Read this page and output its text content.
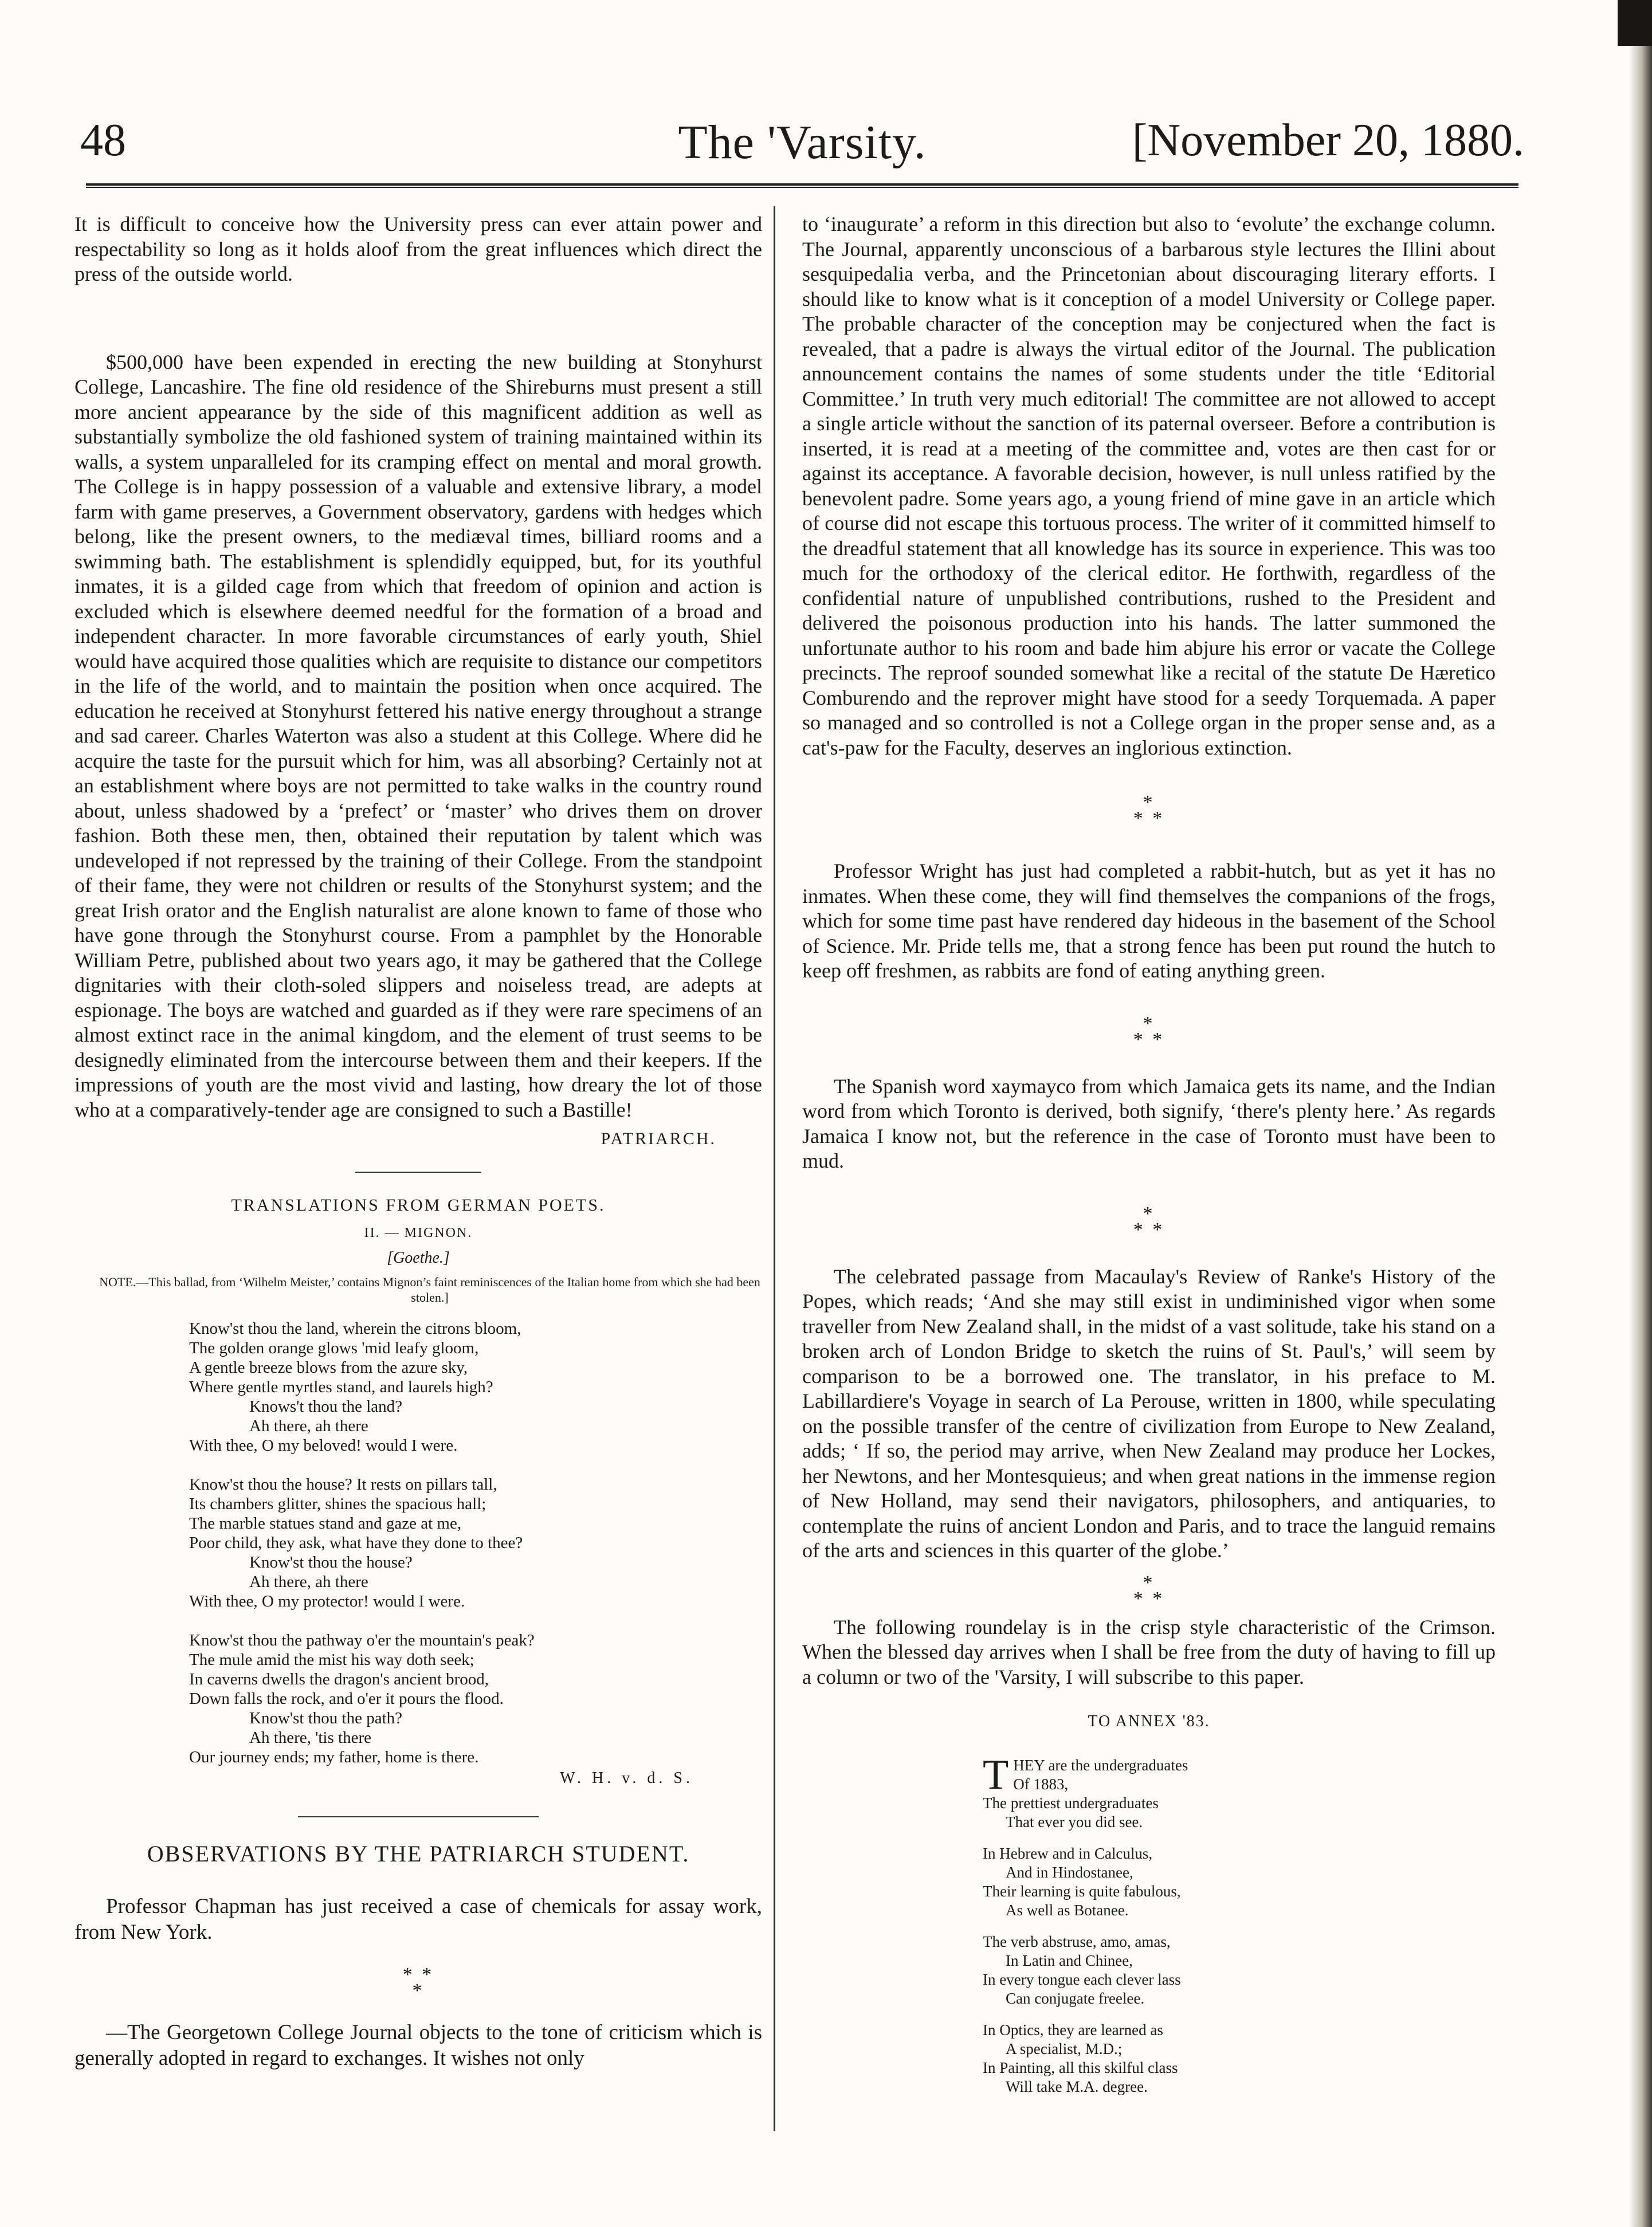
48	The 'Varsity.	[November 20, 1880.

It is difficult to conceive how the University press can ever attain power and respectability so long as it holds aloof from the great influences which direct the press of the outside world.

$500,000 have been expended in erecting the new building at Stonyhurst College, Lancashire. The fine old residence of the Shireburns must present a still more ancient appearance by the side of this magnificent addition as well as substantially symbolize the old fashioned system of training maintained within its walls, a system unparalleled for its cramping effect on mental and moral growth. The College is in happy possession of a valuable and extensive library, a model farm with game preserves, a Government observatory, gardens with hedges which belong, like the present owners, to the mediæval times, billiard rooms and a swimming bath. The establishment is splendidly equipped, but, for its youthful inmates, it is a gilded cage from which that freedom of opinion and action is excluded which is elsewhere deemed needful for the formation of a broad and independent character. In more favorable circumstances of early youth, Shiel would have acquired those qualities which are requisite to distance our competitors in the life of the world, and to maintain the position when once acquired. The education he received at Stonyhurst fettered his native energy throughout a strange and sad career. Charles Waterton was also a student at this College. Where did he acquire the taste for the pursuit which for him, was all absorbing? Certainly not at an establishment where boys are not permitted to take walks in the country round about, unless shadowed by a ‘prefect’ or ‘master’ who drives them on drover fashion. Both these men, then, obtained their reputation by talent which was undeveloped if not repressed by the training of their College. From the standpoint of their fame, they were not children or results of the Stonyhurst system; and the great Irish orator and the English naturalist are alone known to fame of those who have gone through the Stonyhurst course. From a pamphlet by the Honorable William Petre, published about two years ago, it may be gathered that the College dignitaries with their cloth-soled slippers and noiseless tread, are adepts at espionage. The boys are watched and guarded as if they were rare specimens of an almost extinct race in the animal kingdom, and the element of trust seems to be designedly eliminated from the intercourse between them and their keepers. If the impressions of youth are the most vivid and lasting, how dreary the lot of those who at a comparatively-tender age are consigned to such a Bastille!

PATRIARCH.
TRANSLATIONS FROM GERMAN POETS.
II. — MIGNON.
[Goethe.]
NOTE.—This ballad, from ‘Wilhelm Meister,’ contains Mignon’s faint reminiscences of the Italian home from which she had been stolen.]
Know'st thou the land, wherein the citrons bloom,
The golden orange glows 'mid leafy gloom,
A gentle breeze blows from the azure sky,
Where gentle myrtles stand, and laurels high?
Knows't thou the land?
Ah there, ah there
With thee, O my beloved! would I were.
Know'st thou the house? It rests on pillars tall,
Its chambers glitter, shines the spacious hall;
The marble statues stand and gaze at me,
Poor child, they ask, what have they done to thee?
Know'st thou the house?
Ah there, ah there
With thee, O my protector! would I were.
Know'st thou the pathway o'er the mountain's peak?
The mule amid the mist his way doth seek;
In caverns dwells the dragon's ancient brood,
Down falls the rock, and o'er it pours the flood.
Know'st thou the path?
Ah there, 'tis there
Our journey ends; my father, home is there.
W. H. v. d. S.
OBSERVATIONS BY THE PATRIARCH STUDENT.

Professor Chapman has just received a case of chemicals for assay work, from New York.

* *
*

—The Georgetown College Journal objects to the tone of criticism which is generally adopted in regard to exchanges. It wishes not only

to ‘inaugurate’ a reform in this direction but also to ‘evolute’ the exchange column. The Journal, apparently unconscious of a barbarous style lectures the Illini about sesquipedalia verba, and the Princetonian about discouraging literary efforts. I should like to know what is it conception of a model University or College paper. The probable character of the conception may be conjectured when the fact is revealed, that a padre is always the virtual editor of the Journal. The publication announcement contains the names of some students under the title ‘Editorial Committee.’ In truth very much editorial! The committee are not allowed to accept a single article without the sanction of its paternal overseer. Before a contribution is inserted, it is read at a meeting of the committee and, votes are then cast for or against its acceptance. A favorable decision, however, is null unless ratified by the benevolent padre. Some years ago, a young friend of mine gave in an article which of course did not escape this tortuous process. The writer of it committed himself to the dreadful statement that all knowledge has its source in experience. This was too much for the orthodoxy of the clerical editor. He forthwith, regardless of the confidential nature of unpublished contributions, rushed to the President and delivered the poisonous production into his hands. The latter summoned the unfortunate author to his room and bade him abjure his error or vacate the College precincts. The reproof sounded somewhat like a recital of the statute De Hæretico Comburendo and the reprover might have stood for a seedy Torquemada. A paper so managed and so controlled is not a College organ in the proper sense and, as a cat's-paw for the Faculty, deserves an inglorious extinction.

*
* *

Professor Wright has just had completed a rabbit-hutch, but as yet it has no inmates. When these come, they will find themselves the companions of the frogs, which for some time past have rendered day hideous in the basement of the School of Science. Mr. Pride tells me, that a strong fence has been put round the hutch to keep off freshmen, as rabbits are fond of eating anything green.

*
* *

The Spanish word xaymayco from which Jamaica gets its name, and the Indian word from which Toronto is derived, both signify, ‘there's plenty here.’ As regards Jamaica I know not, but the reference in the case of Toronto must have been to mud.

*
* *

The celebrated passage from Macaulay's Review of Ranke's History of the Popes, which reads; ‘And she may still exist in undiminished vigor when some traveller from New Zealand shall, in the midst of a vast solitude, take his stand on a broken arch of London Bridge to sketch the ruins of St. Paul's,’ will seem by comparison to be a borrowed one. The translator, in his preface to M. Labillardiere's Voyage in search of La Perouse, written in 1800, while speculating on the possible transfer of the centre of civilization from Europe to New Zealand, adds; ‘ If so, the period may arrive, when New Zealand may produce her Lockes, her Newtons, and her Montesquieus; and when great nations in the immense region of New Holland, may send their navigators, philosophers, and antiquaries, to contemplate the ruins of ancient London and Paris, and to trace the languid remains of the arts and sciences in this quarter of the globe.’

*
* *

The following roundelay is in the crisp style characteristic of the Crimson. When the blessed day arrives when I shall be free from the duty of having to fill up a column or two of the 'Varsity, I will subscribe to this paper.

TO ANNEX '83.
T HEY are the undergraduates
Of 1883,
The prettiest undergraduates
That ever you did see.
In Hebrew and in Calculus,
And in Hindostanee,
Their learning is quite fabulous,
As well as Botanee.
The verb abstruse, amo, amas,
In Latin and Chinee,
In every tongue each clever lass
Can conjugate freelee.
In Optics, they are learned as
A specialist, M.D.;
In Painting, all this skilful class
Will take M.A. degree.
